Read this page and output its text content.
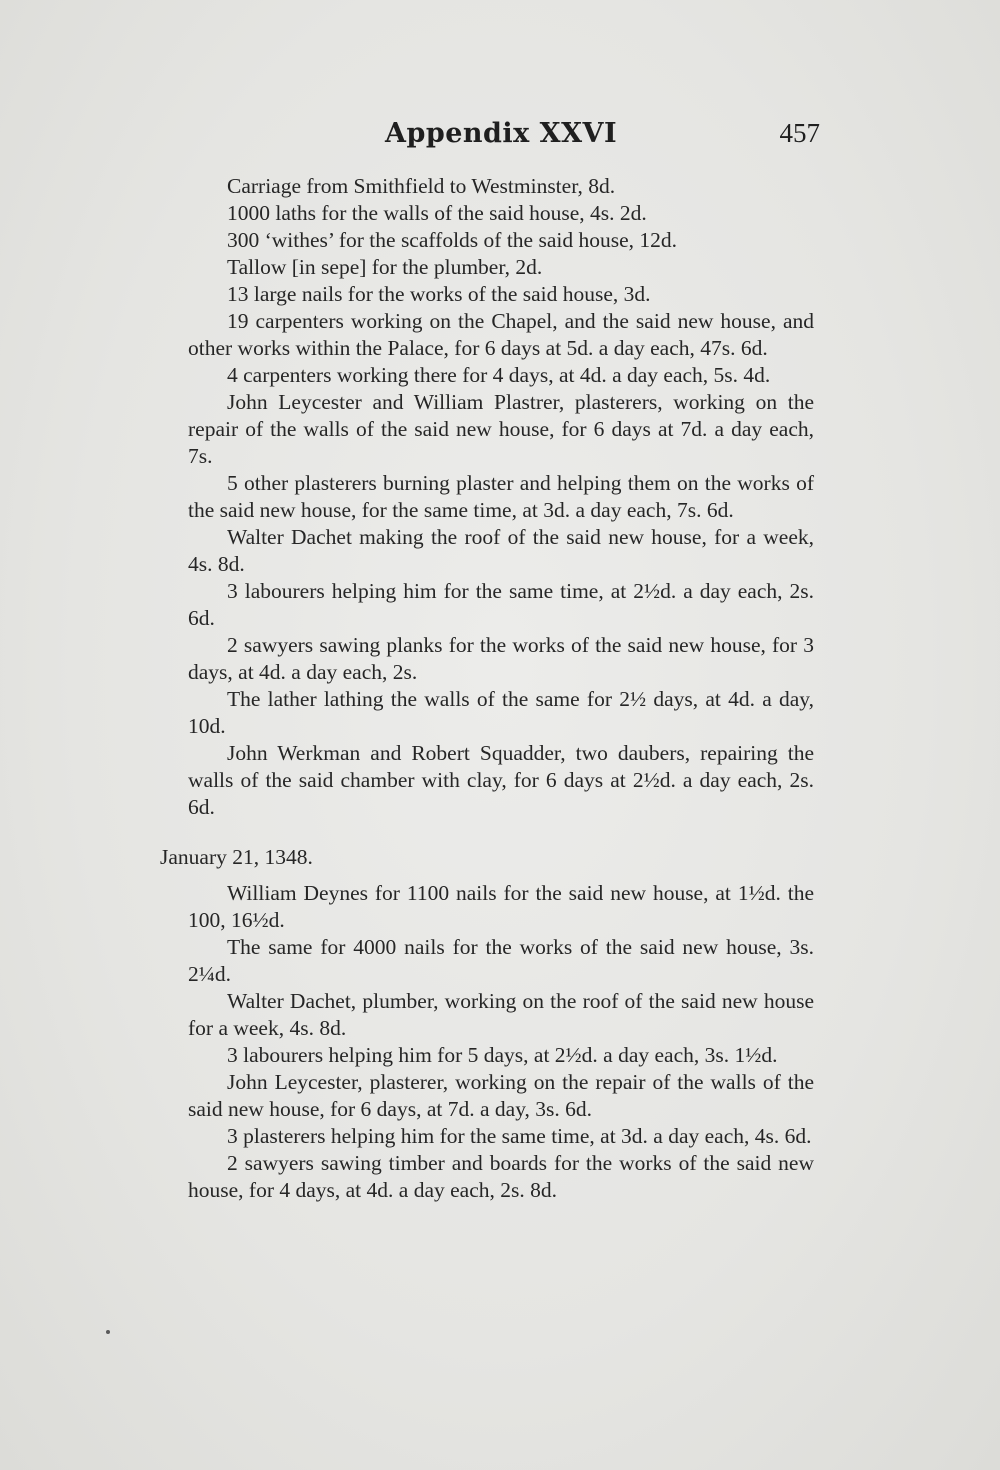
Appendix XXVI	457

Carriage from Smithfield to Westminster, 8d.

1000 laths for the walls of the said house, 4s. 2d.

300 ‘withes’ for the scaffolds of the said house, 12d.

Tallow [in sepe] for the plumber, 2d.

13 large nails for the works of the said house, 3d.

19 carpenters working on the Chapel, and the said new house, and other works within the Palace, for 6 days at 5d. a day each, 47s. 6d.

4 carpenters working there for 4 days, at 4d. a day each, 5s. 4d.

John Leycester and William Plastrer, plasterers, working on the repair of the walls of the said new house, for 6 days at 7d. a day each, 7s.

5 other plasterers burning plaster and helping them on the works of the said new house, for the same time, at 3d. a day each, 7s. 6d.

Walter Dachet making the roof of the said new house, for a week, 4s. 8d.

3 labourers helping him for the same time, at 2½d. a day each, 2s. 6d.

2 sawyers sawing planks for the works of the said new house, for 3 days, at 4d. a day each, 2s.

The lather lathing the walls of the same for 2½ days, at 4d. a day, 10d.

John Werkman and Robert Squadder, two daubers, repairing the walls of the said chamber with clay, for 6 days at 2½d. a day each, 2s. 6d.

January 21, 1348.

William Deynes for 1100 nails for the said new house, at 1½d. the 100, 16½d.

The same for 4000 nails for the works of the said new house, 3s. 2¼d.

Walter Dachet, plumber, working on the roof of the said new house for a week, 4s. 8d.

3 labourers helping him for 5 days, at 2½d. a day each, 3s. 1½d.

John Leycester, plasterer, working on the repair of the walls of the said new house, for 6 days, at 7d. a day, 3s. 6d.

3 plasterers helping him for the same time, at 3d. a day each, 4s. 6d.

2 sawyers sawing timber and boards for the works of the said new house, for 4 days, at 4d. a day each, 2s. 8d.
